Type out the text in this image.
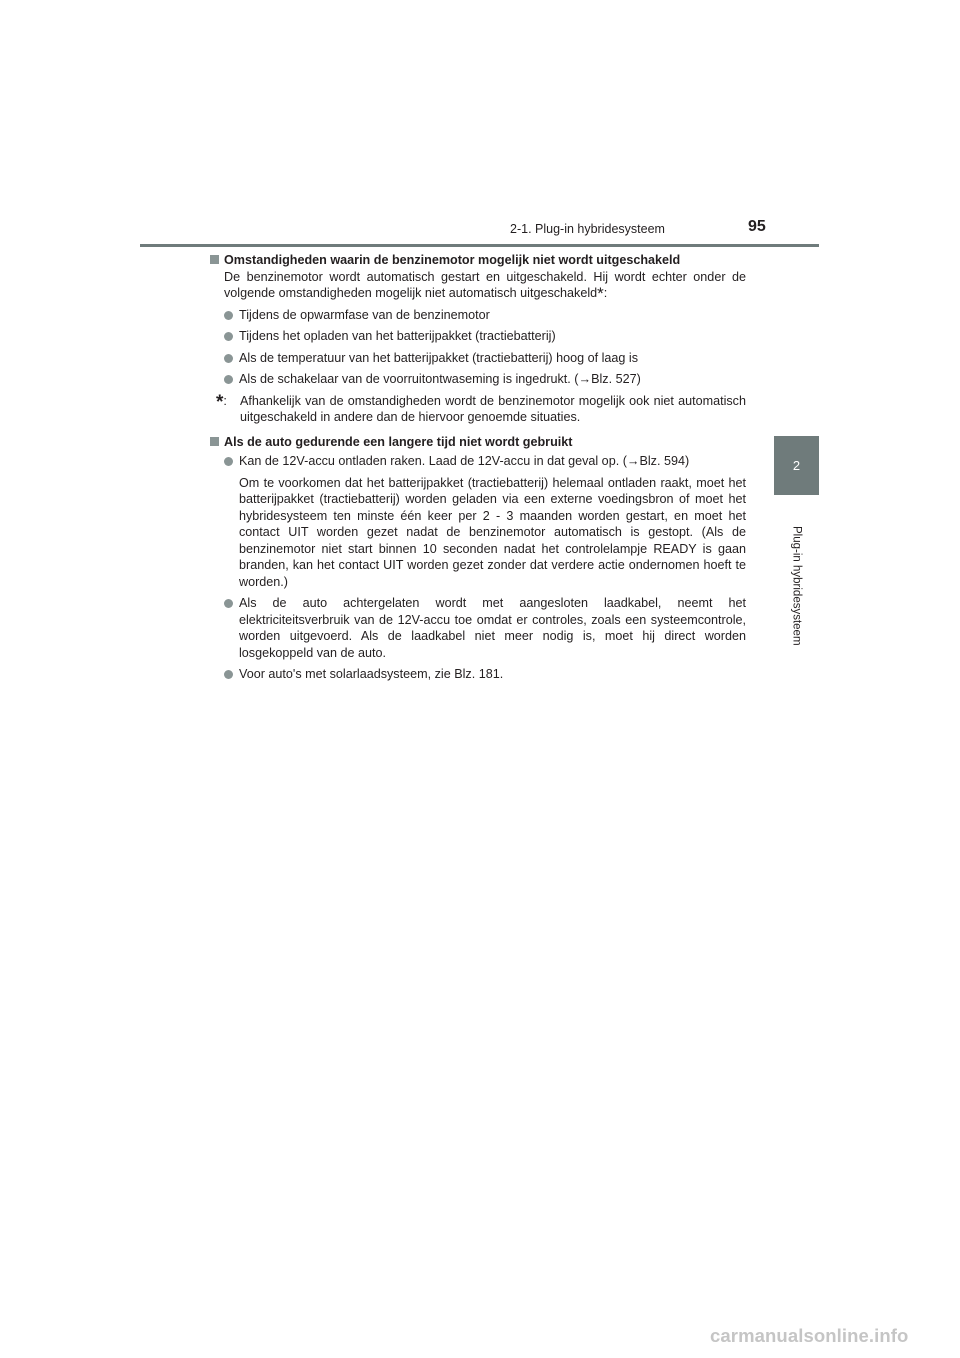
2-1. Plug-in hybridesysteem	95
2
Plug-in hybridesysteem
Omstandigheden waarin de benzinemotor mogelijk niet wordt uitgeschakeld
De benzinemotor wordt automatisch gestart en uitgeschakeld. Hij wordt echter onder de volgende omstandigheden mogelijk niet automatisch uitgeschakeld*:
Tijdens de opwarmfase van de benzinemotor
Tijdens het opladen van het batterijpakket (tractiebatterij)
Als de temperatuur van het batterijpakket (tractiebatterij) hoog of laag is
Als de schakelaar van de voorruitontwaseming is ingedrukt. (→Blz. 527)
*:	Afhankelijk van de omstandigheden wordt de benzinemotor mogelijk ook niet automatisch uitgeschakeld in andere dan de hiervoor genoemde situaties.
Als de auto gedurende een langere tijd niet wordt gebruikt
Kan de 12V-accu ontladen raken. Laad de 12V-accu in dat geval op. (→Blz. 594)
Om te voorkomen dat het batterijpakket (tractiebatterij) helemaal ontladen raakt, moet het batterijpakket (tractiebatterij) worden geladen via een externe voedingsbron of moet het hybridesysteem ten minste één keer per 2 - 3 maanden worden gestart, en moet het contact UIT worden gezet nadat de benzinemotor automatisch is gestopt. (Als de benzinemotor niet start binnen 10 seconden nadat het controlelampje READY is gaan branden, kan het contact UIT worden gezet zonder dat verdere actie ondernomen hoeft te worden.)
Als de auto achtergelaten wordt met aangesloten laadkabel, neemt het elektriciteitsverbruik van de 12V-accu toe omdat er controles, zoals een systeemcontrole, worden uitgevoerd. Als de laadkabel niet meer nodig is, moet hij direct worden losgekoppeld van de auto.
Voor auto's met solarlaadsysteem, zie Blz. 181.
carmanualsonline.info
